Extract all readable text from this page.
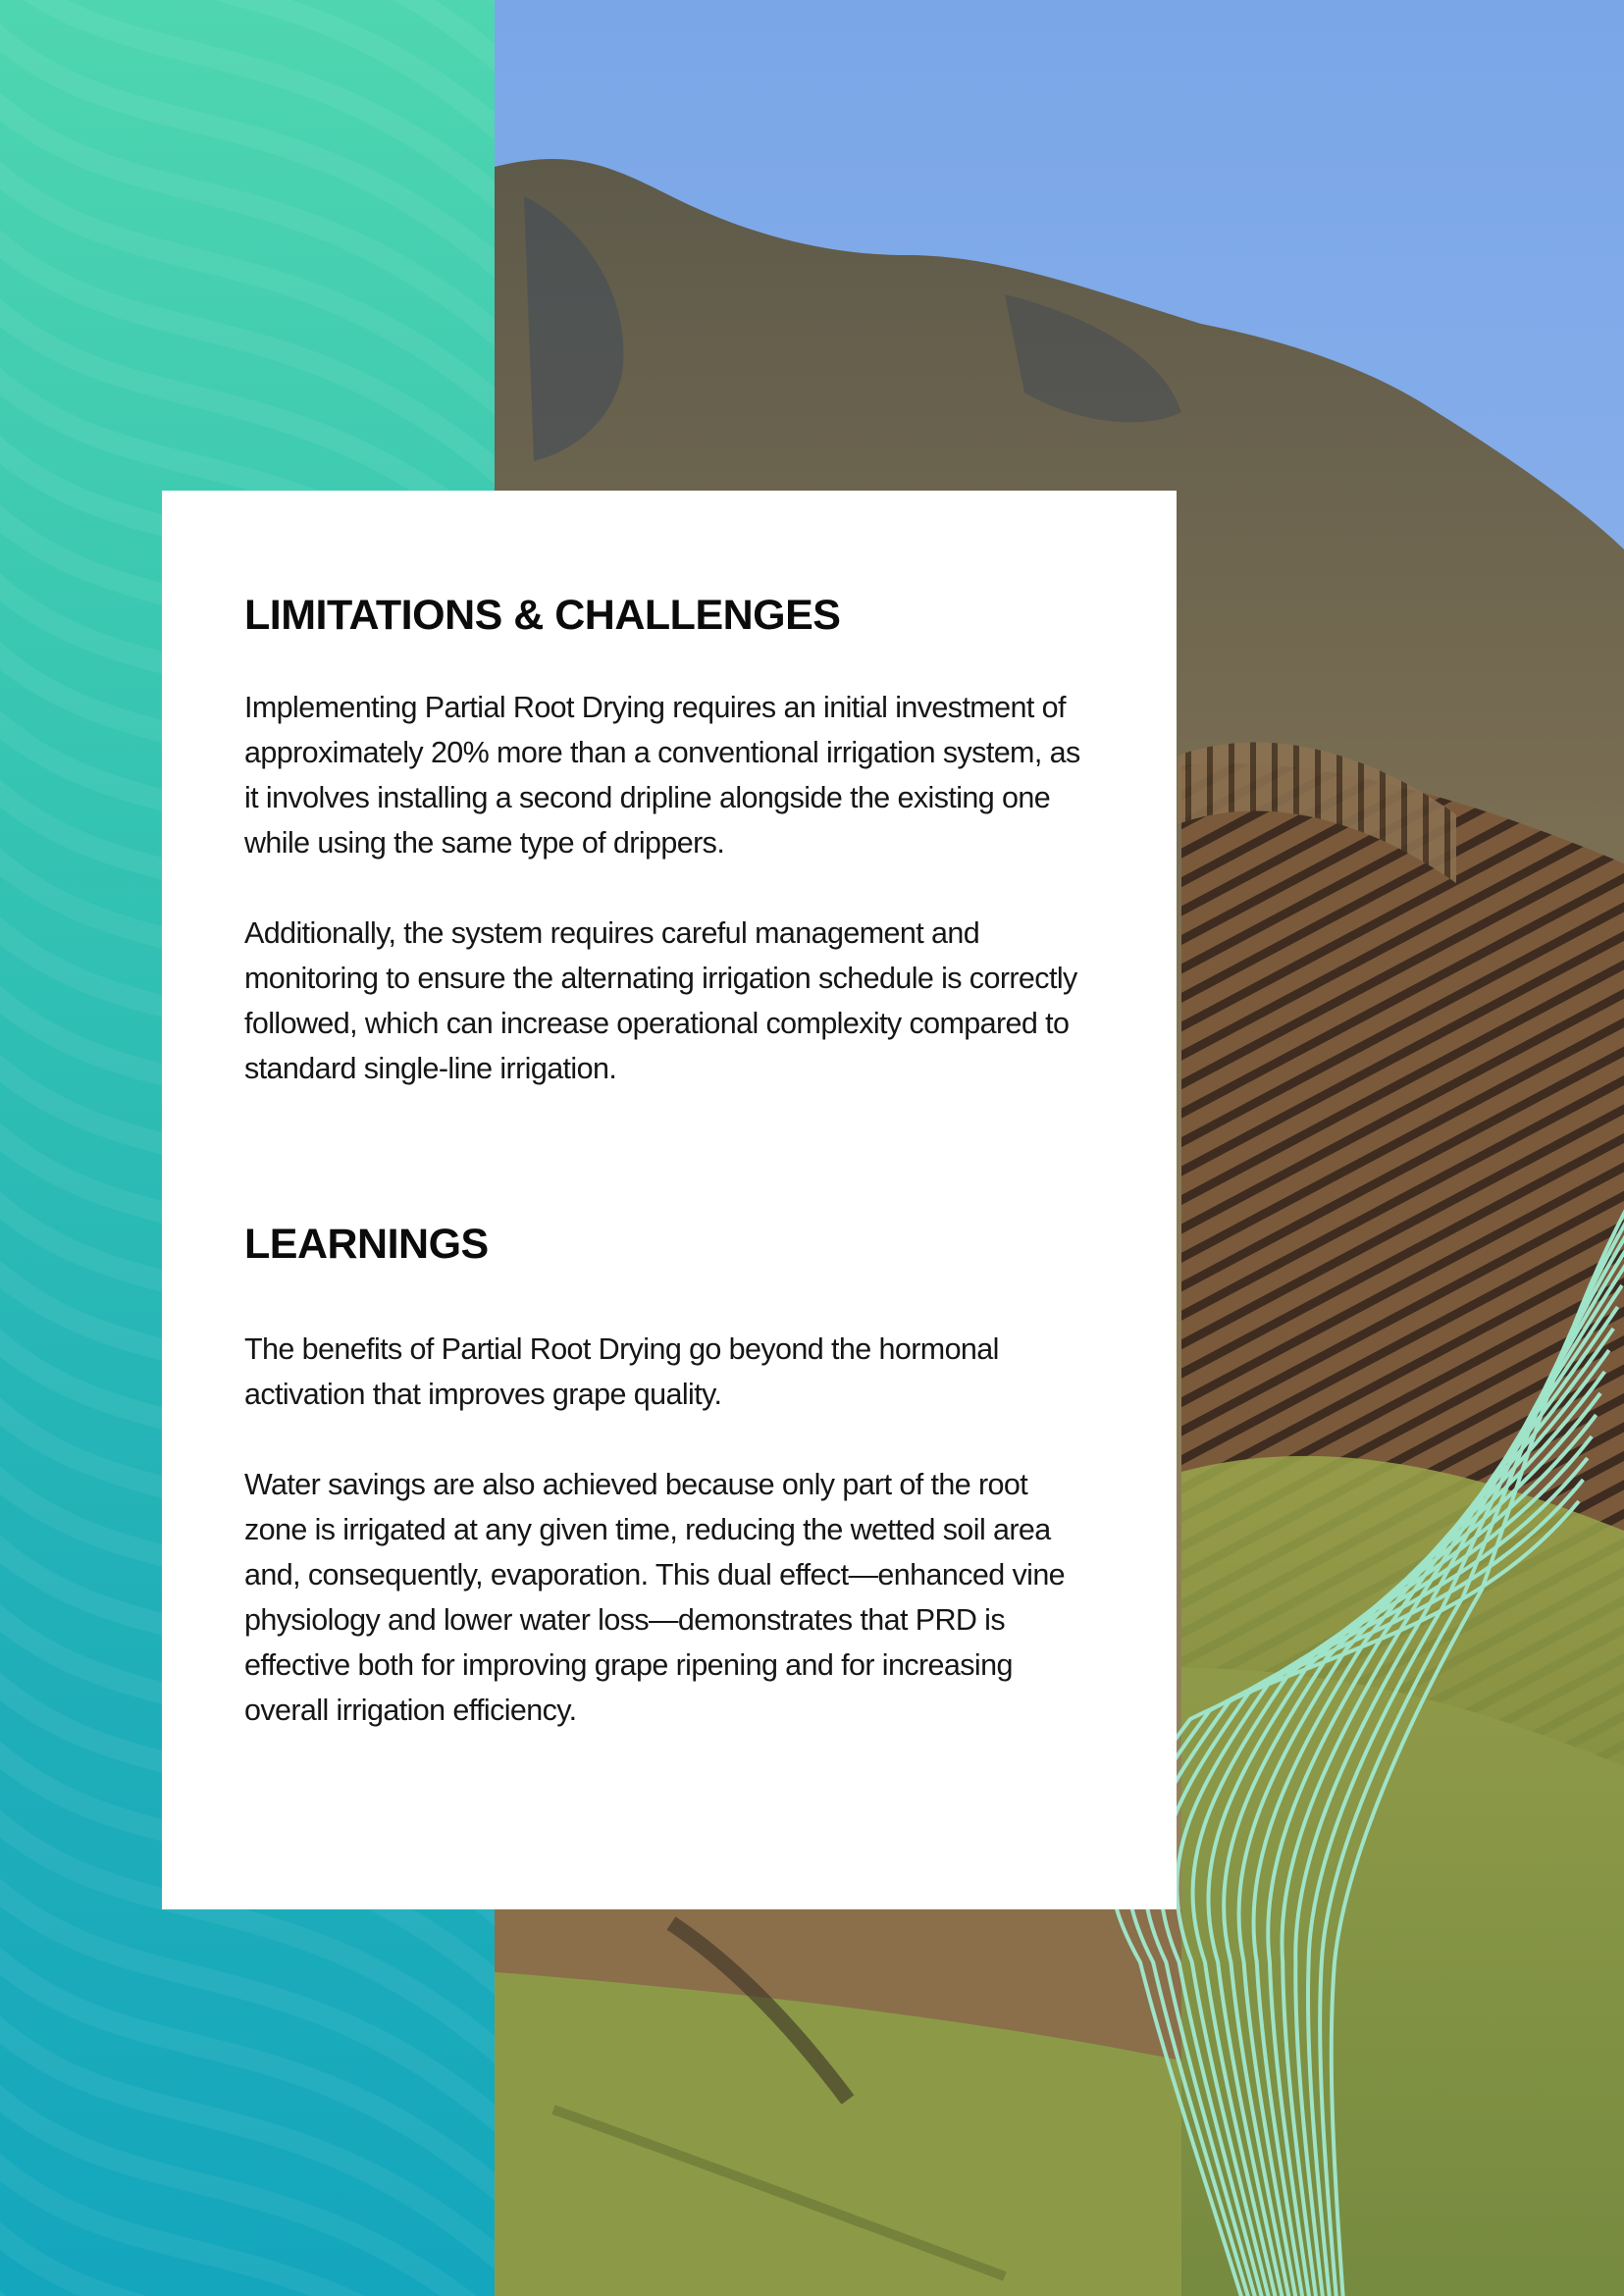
LIMITATIONS & CHALLENGES

Implementing Partial Root Drying requires an initial investment of approximately 20% more than a conventional irrigation system, as it involves installing a second dripline alongside the existing one while using the same type of drippers.

Additionally, the system requires careful management and monitoring to ensure the alternating irrigation schedule is correctly followed, which can increase operational complexity compared to standard single-line irrigation.

LEARNINGS

The benefits of Partial Root Drying go beyond the hormonal activation that improves grape quality.

Water savings are also achieved because only part of the root zone is irrigated at any given time, reducing the wetted soil area and, consequently, evaporation. This dual effect—enhanced vine physiology and lower water loss—demonstrates that PRD is effective both for improving grape ripening and for increasing overall irrigation efficiency.
